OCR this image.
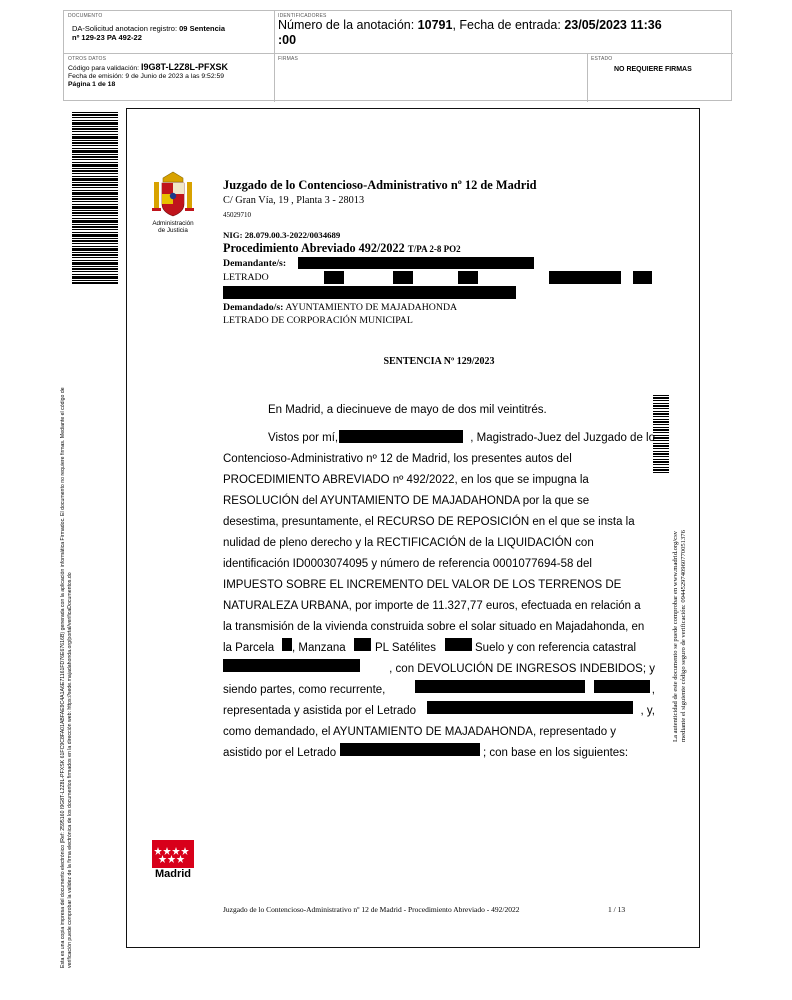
DOCUMENTO
DA-Solicitud anotacion registro: 09 Sentencia
nº 129-23 PA 492-22
IDENTIFICADORES
Número de la anotación: 10791, Fecha de entrada: 23/05/2023 11:36
:00
OTROS DATOS
Código para validación: I9G8T-L2Z8L-PFXSK
Fecha de emisión: 9 de Junio de 2023 a las 9:52:59
Página 1 de 18
FIRMAS	ESTADO
NO REQUIERE FIRMAS
Esta es una copia impresa del documento electrónico (Ref: 2595160 I9G8T-L2Z8L-PFXSK 61FC9C8FA01ABFAE9C4A1A6E71161FD76E67616B) generada con la aplicación informática Firmadoc. El documento no requiere firmas. Mediante el código de verificación puede comprobar la validez de la firma electrónica de los documentos firmados en la dirección web: https://sede.majadahonda.org/portal/verificaDocumentos.do
Administración
de Justicia
Juzgado de lo Contencioso-Administrativo nº 12 de Madrid
C/ Gran Vía, 19 , Planta 3 - 28013
45029710
NIG: 28.079.00.3-2022/0034689
Procedimiento Abreviado 492/2022 T/PA 2-8 PO2
Demandante/s:
LETRADO
Demandado/s: AYUNTAMIENTO DE MAJADAHONDA
LETRADO DE CORPORACIÓN MUNICIPAL
SENTENCIA Nº 129/2023
La autenticidad de este documento se puede comprobar en www.madrid.org/csv mediante el siguiente código seguro de verificación: 0944529740960770051376
En Madrid, a diecinueve de mayo de dos mil veintitrés.
Vistos por mí,	, Magistrado-Juez del Juzgado de lo
Contencioso-Administrativo nº 12 de Madrid, los presentes autos del
PROCEDIMIENTO ABREVIADO nº 492/2022, en los que se impugna la
RESOLUCIÓN del AYUNTAMIENTO DE MAJADAHONDA por la que se
desestima, presuntamente, el RECURSO DE REPOSICIÓN en el que se insta la
nulidad de pleno derecho y la RECTIFICACIÓN de la LIQUIDACIÓN con
identificación ID0003074095 y número de referencia 0001077694-58 del
IMPUESTO SOBRE EL INCREMENTO DEL VALOR DE LOS TERRENOS DE
NATURALEZA URBANA, por importe de 11.327,77 euros, efectuada en relación a
la transmisión de la vivienda construida sobre el solar situado en Majadahonda, en
la Parcela	, Manzana	PL Satélites	Suelo y con referencia catastral
, con DEVOLUCIÓN DE INGRESOS INDEBIDOS; y
siendo partes, como recurrente,	,
representada y asistida por el Letrado	, y,
como demandado, el AYUNTAMIENTO DE MAJADAHONDA, representado y
asistido por el Letrado	; con base en los siguientes:
Madrid
Juzgado de lo Contencioso-Administrativo nº 12 de Madrid - Procedimiento Abreviado - 492/2022	1 / 13
